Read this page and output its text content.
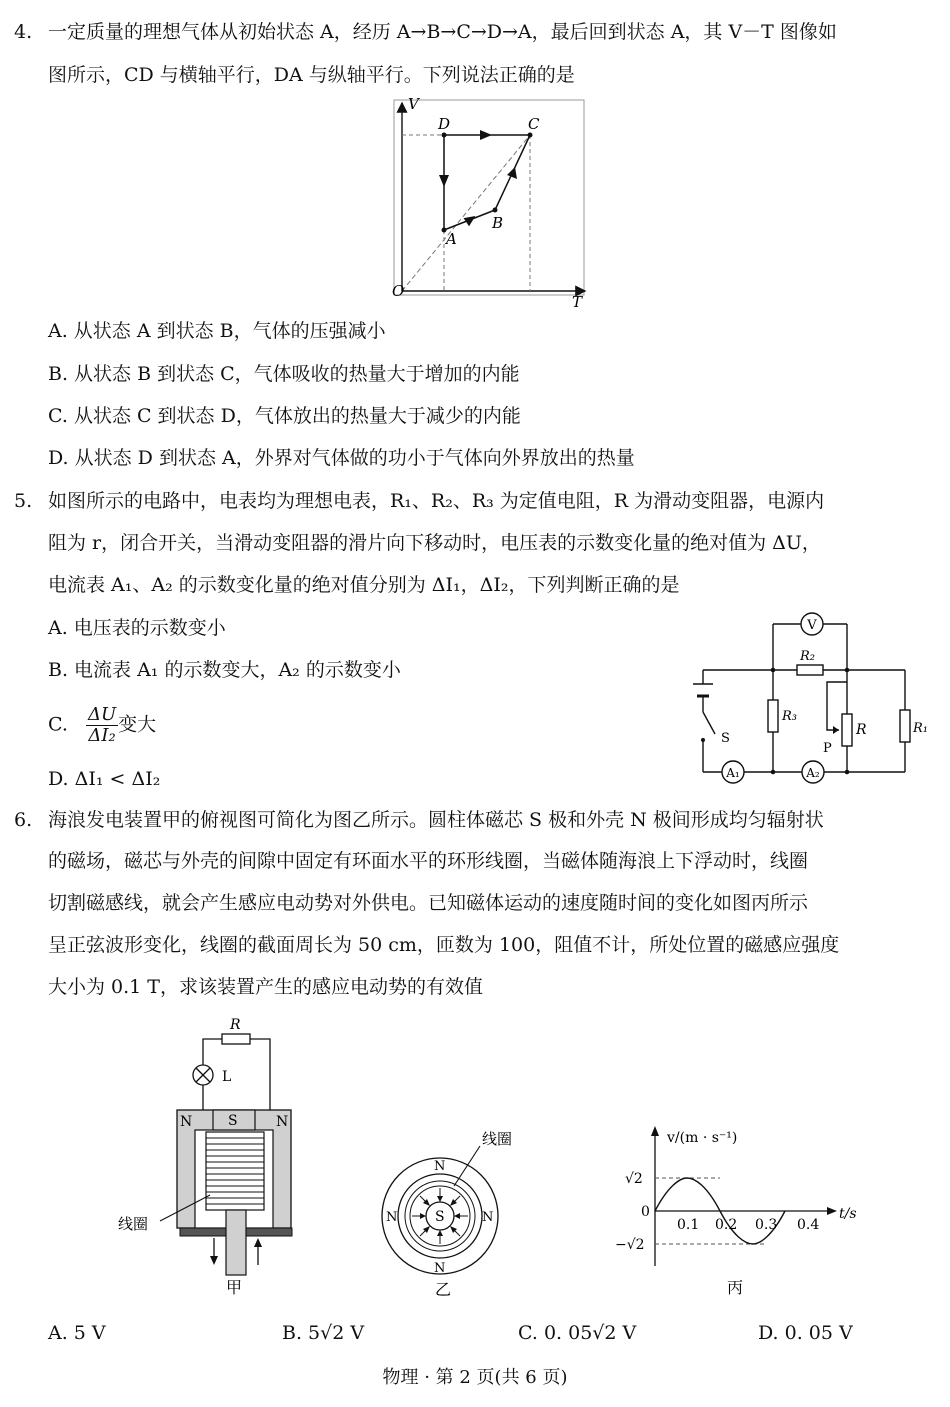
4. 一定质量的理想气体从初始状态 A，经历 A→B→C→D→A，最后回到状态 A，其 V－T 图像如
图所示，CD 与横轴平行，DA 与纵轴平行。下列说法正确的是
V
T
O
A
B
C
D
A. 从状态 A 到状态 B，气体的压强减小
B. 从状态 B 到状态 C，气体吸收的热量大于增加的内能
C. 从状态 C 到状态 D，气体放出的热量大于减少的内能
D. 从状态 D 到状态 A，外界对气体做的功小于气体向外界放出的热量
5. 如图所示的电路中，电表均为理想电表，R₁、R₂、R₃ 为定值电阻，R 为滑动变阻器，电源内
阻为 r，闭合开关，当滑动变阻器的滑片向下移动时，电压表的示数变化量的绝对值为 ΔU，
电流表 A₁、A₂ 的示数变化量的绝对值分别为 ΔI₁，ΔI₂，下列判断正确的是
A. 电压表的示数变小
B. 电流表 A₁ 的示数变大，A₂ 的示数变小
C. $\frac{\Delta U}{\text{ΔI₂}}$ 变大
D. ΔI₁ < ΔI₂
V
A₁	A₂
R₂
R₃
R	R₁
P
S
6. 海浪发电装置甲的俯视图可简化为图乙所示。圆柱体磁芯 S 极和外壳 N 极间形成均匀辐射状
的磁场，磁芯与外壳的间隙中固定有环面水平的环形线圈，当磁体随海浪上下浮动时，线圈
切割磁感线，就会产生感应电动势对外供电。已知磁体运动的速度随时间的变化如图丙所示
呈正弦波形变化，线圈的截面周长为 50 cm，匝数为 100，阻值不计，所处位置的磁感应强度
大小为 0.1 T，求该装置产生的感应电动势的有效值
R
L
S
N	N
线圈
甲
S
N
N
N	N
线圈
乙
v/(m · s⁻¹)
t/s
√2
−√2
0
0.1 0.2 0.3 0.4
丙
A. 5 V	B. 5√2 V	C. 0. 05√2 V	D. 0. 05 V
物理 · 第 2 页(共 6 页)
